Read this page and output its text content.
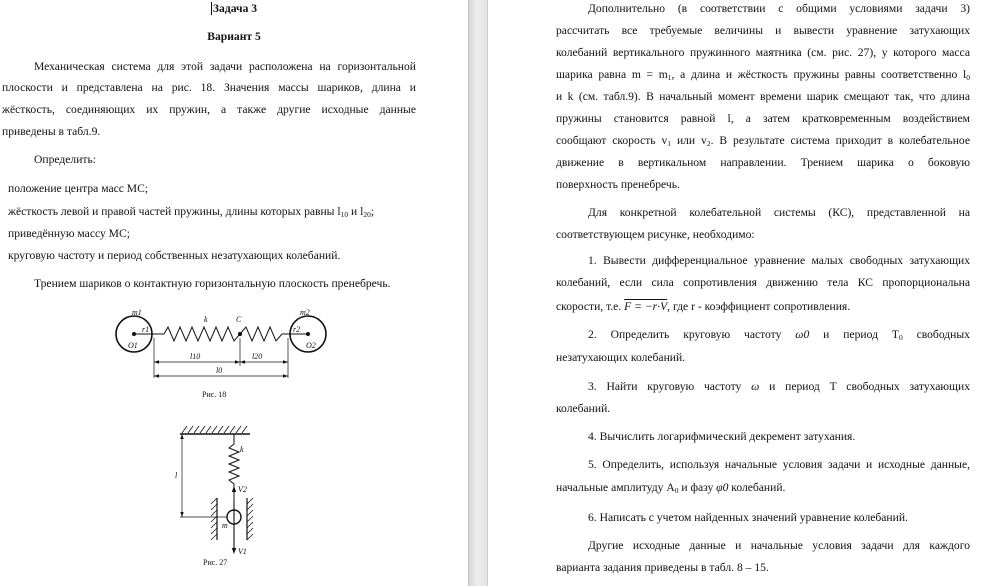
Задача 3
Вариант 5
Механическая система для этой задачи расположена на горизонтальной
плоскости и представлена на рис. 18. Значения массы шариков, длина и
жёсткость, соединяющих их пружин, а также другие исходные данные
приведены в табл.9.
Определить:
положение центра масс МС;
жёсткость левой и правой частей пружины, длины которых равны $l_{10}$ и $l_{20}$;
приведённую массу МС;
круговую частоту и период собственных незатухающих колебаний.
Трением шариков о контактную горизонтальную плоскость пренебречь.
m1
r1
O1
k	C
m2
r2
O2
l10	l20
l0
Рис. 18
k
l
V2
m
V1
Рис. 27
Дополнительно (в соответствии с общими условиями задачи 3)
рассчитать все требуемые величины и вывести уравнение затухающих
колебаний вертикального пружинного маятника (см. рис. 27), у которого масса
шарика равна $m = m_1$, а длина и жёсткость пружины равны соответственно $l_0$
и k (см. табл.9). В начальный момент времени шарик смещают так, что длина
пружины становится равной l, а затем кратковременным воздействием
сообщают скорость $v_1$ или $v_2$. В результате система приходит в колебательное
движение в вертикальном направлении. Трением шарика о боковую
поверхность пренебречь.
Для конкретной колебательной системы (КС), представленной на
соответствующем рисунке, необходимо:
1. Вывести дифференциальное уравнение малых свободных затухающих
колебаний, если сила сопротивления движению тела КС пропорциональна
скорости, т.е. F = −r·V, где r - коэффициент сопротивления.
2. Определить круговую частоту ω0 и период $T_0$ свободных
незатухающих колебаний.
3. Найти круговую частоту ω и период T свободных затухающих
колебаний.
4. Вычислить логарифмический декремент затухания.
5. Определить, используя начальные условия задачи и исходные данные,
начальные амплитуду $A_0$ и фазу φ0 колебаний.
6. Написать с учетом найденных значений уравнение колебаний.
Другие исходные данные и начальные условия задачи для каждого
варианта задания приведены в табл. 8 – 15.
